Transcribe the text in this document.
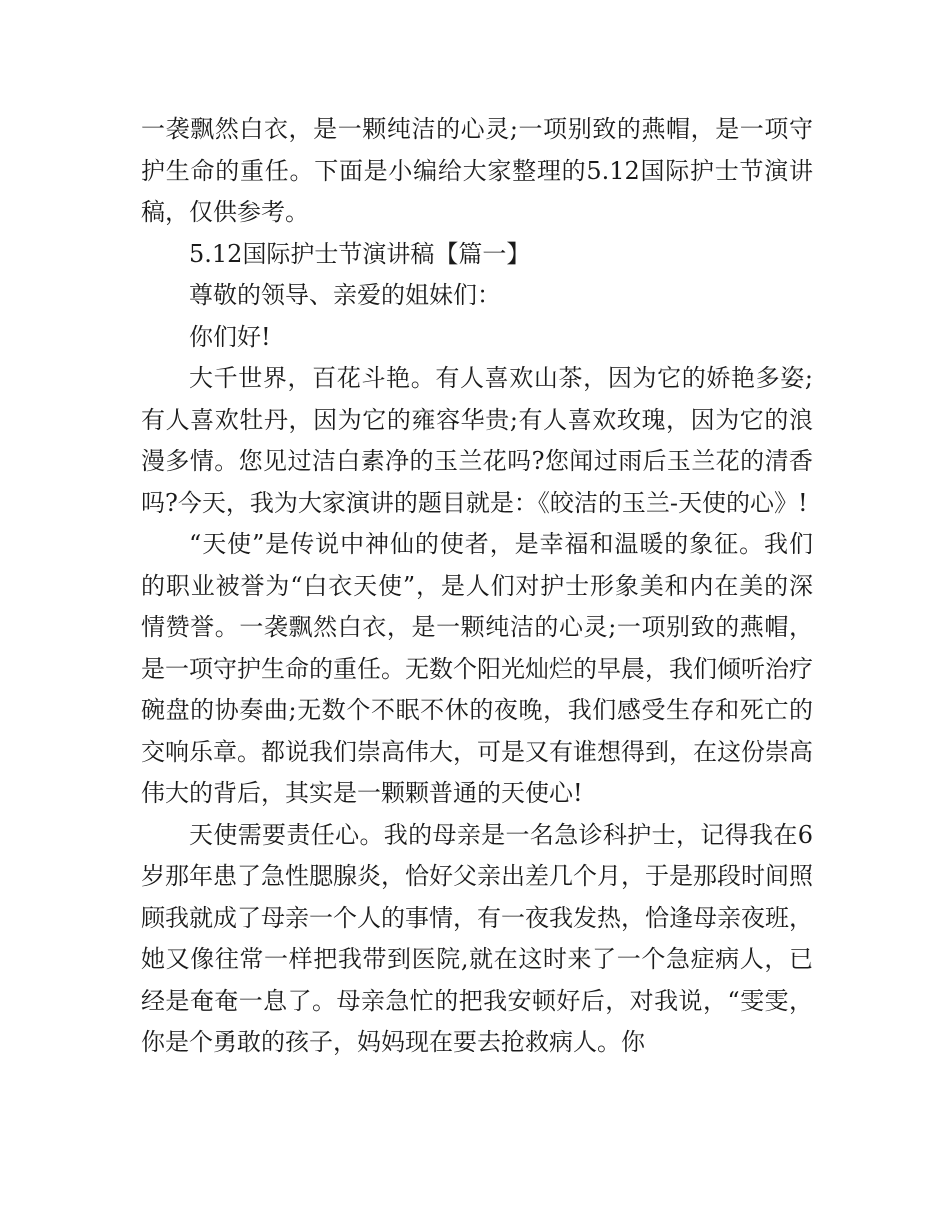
一袭飘然白衣，是一颗纯洁的心灵;一项别致的燕帽，是一项守护生命的重任。下面是小编给大家整理的5.12国际护士节演讲稿，仅供参考。

5.12国际护士节演讲稿【篇一】

尊敬的领导、亲爱的姐妹们：

你们好!

大千世界，百花斗艳。有人喜欢山茶，因为它的娇艳多姿;有人喜欢牡丹，因为它的雍容华贵;有人喜欢玫瑰，因为它的浪漫多情。您见过洁白素净的玉兰花吗?您闻过雨后玉兰花的清香吗?今天，我为大家演讲的题目就是：《皎洁的玉兰-天使的心》!

“天使”是传说中神仙的使者，是幸福和温暖的象征。我们的职业被誉为“白衣天使”，是人们对护士形象美和内在美的深情赞誉。一袭飘然白衣，是一颗纯洁的心灵;一项别致的燕帽，是一项守护生命的重任。无数个阳光灿烂的早晨，我们倾听治疗碗盘的协奏曲;无数个不眠不休的夜晚，我们感受生存和死亡的交响乐章。都说我们崇高伟大，可是又有谁想得到，在这份崇高伟大的背后，其实是一颗颗普通的天使心!

天使需要责任心。我的母亲是一名急诊科护士，记得我在6岁那年患了急性腮腺炎，恰好父亲出差几个月，于是那段时间照顾我就成了母亲一个人的事情，有一夜我发热，恰逢母亲夜班，她又像往常一样把我带到医院,就在这时来了一个急症病人，已经是奄奄一息了。母亲急忙的把我安顿好后，对我说，“雯雯，你是个勇敢的孩子，妈妈现在要去抢救病人。你
